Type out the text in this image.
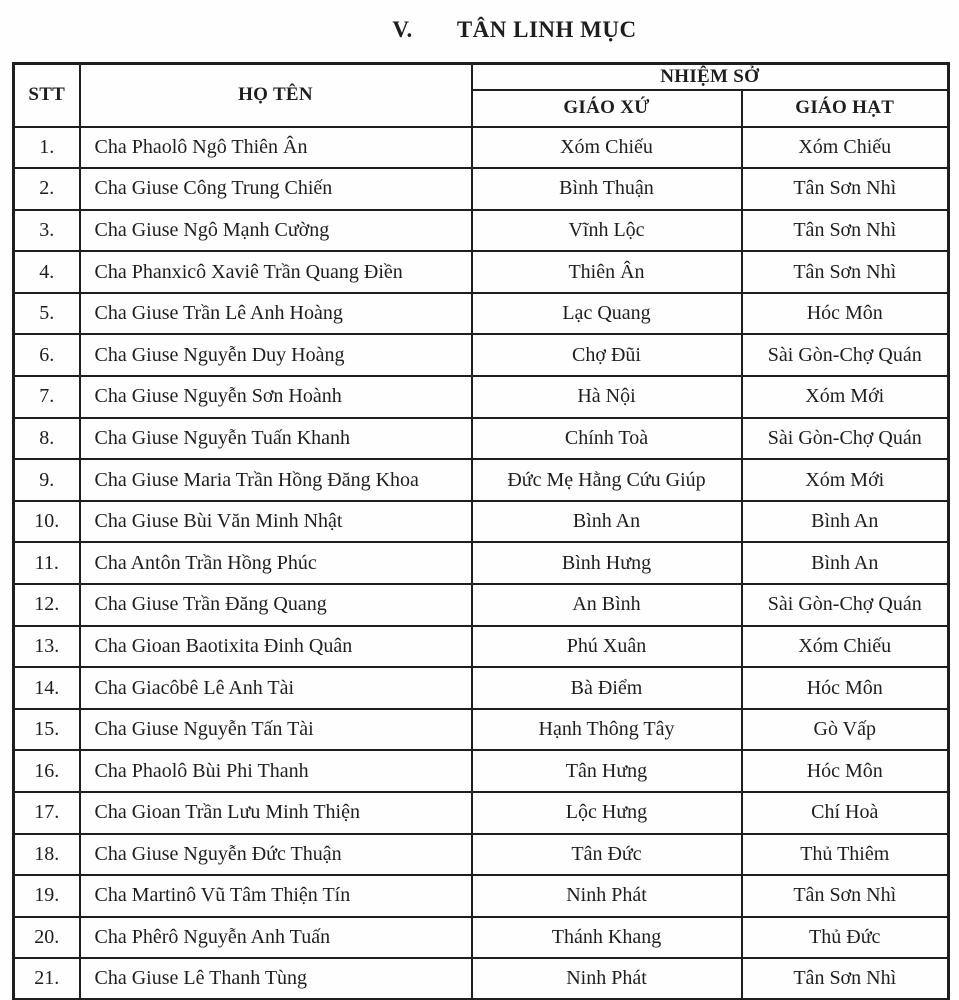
V. TÂN LINH MỤC
STT	HỌ TÊN	NHIỆM SỞ	
		GIÁO XỨ	GIÁO HẠT
1.	Cha Phaolô Ngô Thiên Ân	Xóm Chiếu	Xóm Chiếu
2.	Cha Giuse Công Trung Chiến	Bình Thuận	Tân Sơn Nhì
3.	Cha Giuse Ngô Mạnh Cường	Vĩnh Lộc	Tân Sơn Nhì
4.	Cha Phanxicô Xaviê Trần Quang Điền	Thiên Ân	Tân Sơn Nhì
5.	Cha Giuse Trần Lê Anh Hoàng	Lạc Quang	Hóc Môn
6.	Cha Giuse Nguyễn Duy Hoàng	Chợ Đũi	Sài Gòn-Chợ Quán
7.	Cha Giuse Nguyễn Sơn Hoành	Hà Nội	Xóm Mới
8.	Cha Giuse Nguyễn Tuấn Khanh	Chính Toà	Sài Gòn-Chợ Quán
9.	Cha Giuse Maria Trần Hồng Đăng Khoa	Đức Mẹ Hằng Cứu Giúp	Xóm Mới
10.	Cha Giuse Bùi Văn Minh Nhật	Bình An	Bình An
11.	Cha Antôn Trần Hồng Phúc	Bình Hưng	Bình An
12.	Cha Giuse Trần Đăng Quang	An Bình	Sài Gòn-Chợ Quán
13.	Cha Gioan Baotixita Đinh Quân	Phú Xuân	Xóm Chiếu
14.	Cha Giacôbê Lê Anh Tài	Bà Điểm	Hóc Môn
15.	Cha Giuse Nguyễn Tấn Tài	Hạnh Thông Tây	Gò Vấp
16.	Cha Phaolô Bùi Phi Thanh	Tân Hưng	Hóc Môn
17.	Cha Gioan Trần Lưu Minh Thiện	Lộc Hưng	Chí Hoà
18.	Cha Giuse Nguyễn Đức Thuận	Tân Đức	Thủ Thiêm
19.	Cha Martinô Vũ Tâm Thiện Tín	Ninh Phát	Tân Sơn Nhì
20.	Cha Phêrô Nguyễn Anh Tuấn	Thánh Khang	Thủ Đức
21.	Cha Giuse Lê Thanh Tùng	Ninh Phát	Tân Sơn Nhì
